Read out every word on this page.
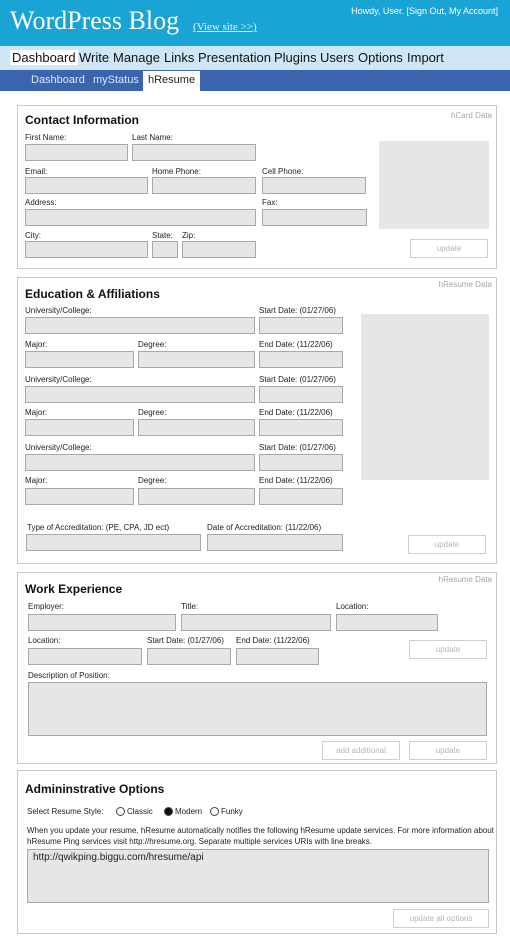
WordPress Blog (View site >>)
Howdy, User. [Sign Out, My Account]
Dashboard Write Manage Links Presentation Plugins Users Options Import
Dashboard myStatus hResume
Contact Information	hCard Data
First Name:	Last Name:
Email:	Home Phone:	Cell Phone:
Address:	Fax:
City:	State: Zip:
update
Education & Affiliations
hResume Data
University/College:	Start Date: (01/27/06)
Major:	Degree:	End Date: (11/22/06)
University/College:	Start Date: (01/27/06)
Major:	Degree:	End Date: (11/22/06)
University/College:	Start Date: (01/27/06)
Major:	Degree:	End Date: (11/22/06)
Type of Accreditation: (PE, CPA, JD ect)	Date of Accreditation: (11/22/06)
update
Work Experience
hResume Data
Employer:	Title:	Location:
Location:	Start Date: (01/27/06) End Date: (11/22/06)
update
Description of Position:
add additional	update
Admininstrative Options
Select Resume Style:	Classic	Modern Funky
When you update your resume, hResume automatically notifies the following hResume update services. For more information about hResume Ping services visit http://hresume.org. Separate multiple services URIs with line breaks.
http://qwikping.biggu.com/hresume/api
update all options
